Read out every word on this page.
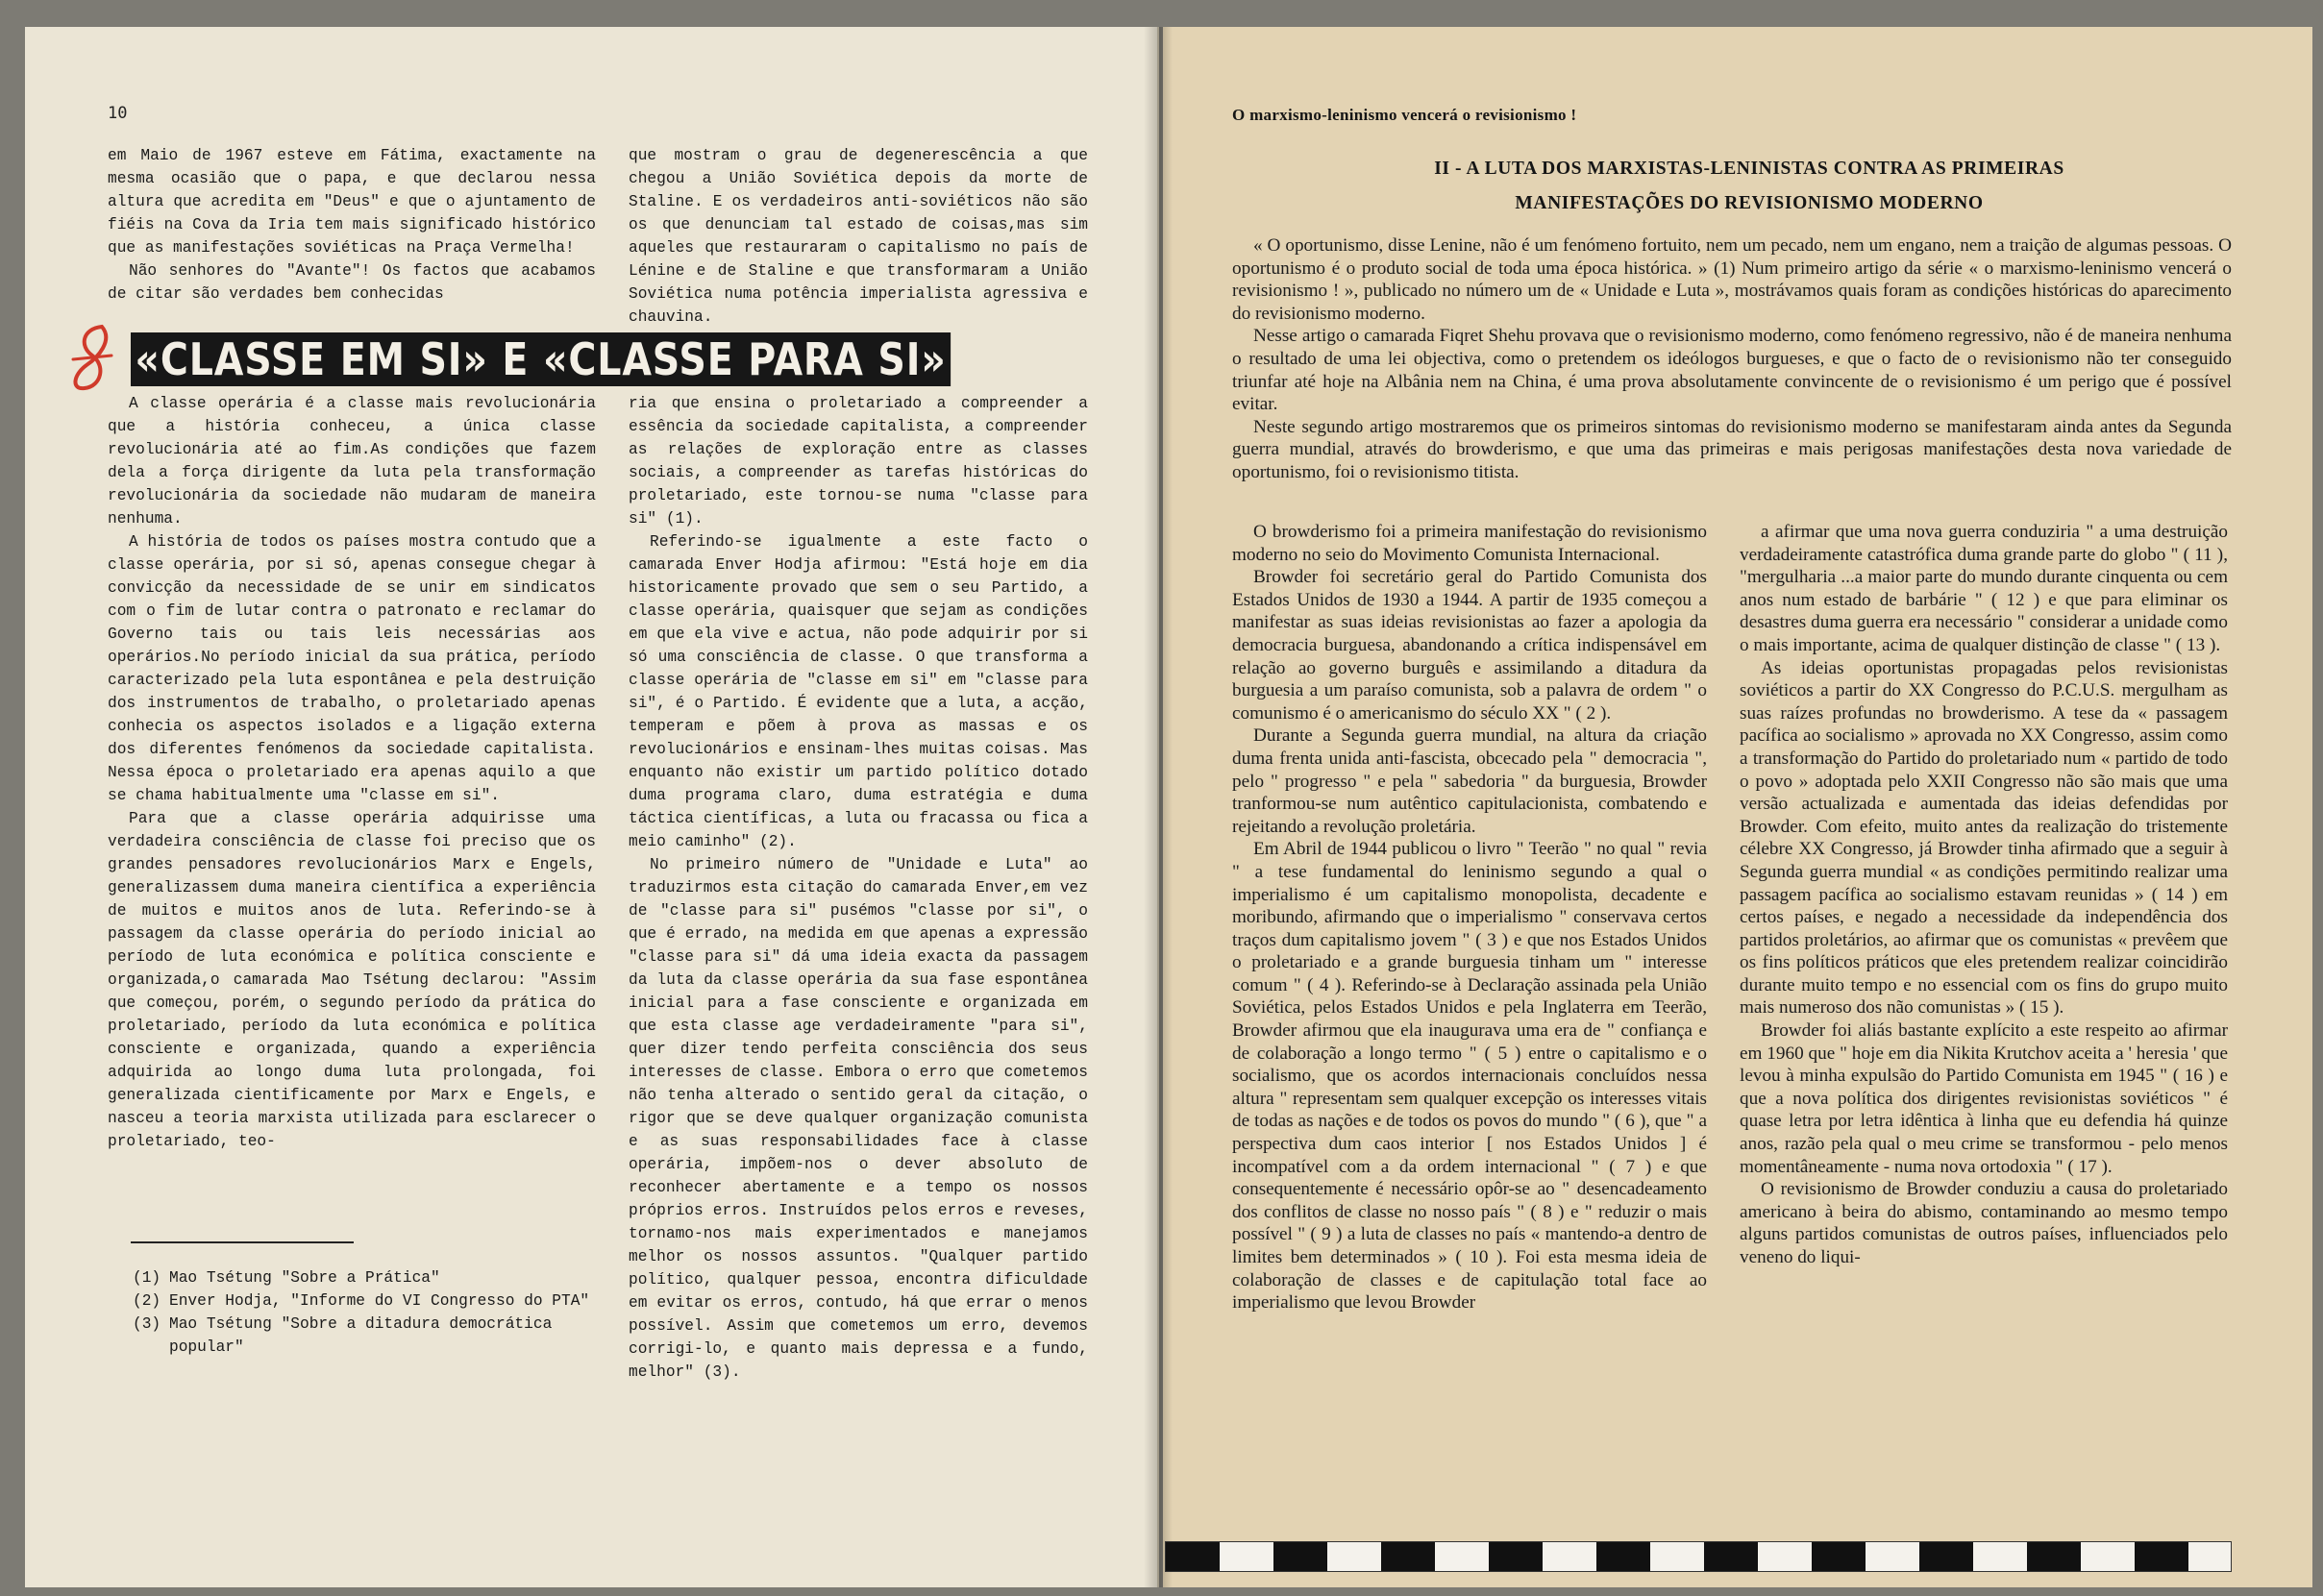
10

em Maio de 1967 esteve em Fátima, exactamente na mesma ocasião que o papa, e que declarou nessa altura que acredita em "Deus" e que o ajuntamento de fiéis na Cova da Iria tem mais significado histórico que as manifestações soviéticas na Praça Vermelha!

Não senhores do "Avante"! Os factos que acabamos de citar são verdades bem conhecidas

que mostram o grau de degenerescência a que chegou a União Soviética depois da morte de Staline. E os verdadeiros anti-soviéticos não são os que denunciam tal estado de coisas,mas sim aqueles que restauraram o capitalismo no país de Lénine e de Staline e que transformaram a União Soviética numa potência imperialista agressiva e chauvina.

«CLASSE EM SI» E «CLASSE PARA SI»

A classe operária é a classe mais revolucionária que a história conheceu, a única classe revolucionária até ao fim.As condições que fazem dela a força dirigente da luta pela transformação revolucionária da sociedade não mudaram de maneira nenhuma.

A história de todos os países mostra contudo que a classe operária, por si só, apenas consegue chegar à convicção da necessidade de se unir em sindicatos com o fim de lutar contra o patronato e reclamar do Governo tais ou tais leis necessárias aos operários.No período inicial da sua prática, período caracterizado pela luta espontânea e pela destruição dos instrumentos de trabalho, o proletariado apenas conhecia os aspectos isolados e a ligação externa dos diferentes fenómenos da sociedade capitalista. Nessa época o proletariado era apenas aquilo a que se chama habitualmente uma "classe em si".

Para que a classe operária adquirisse uma verdadeira consciência de classe foi preciso que os grandes pensadores revolucionários Marx e Engels, generalizassem duma maneira científica a experiência de muitos e muitos anos de luta. Referindo-se à passagem da classe operária do período inicial ao período de luta económica e política consciente e organizada,o camarada Mao Tsétung declarou: "Assim que começou, porém, o segundo período da prática do proletariado, período da luta económica e política consciente e organizada, quando a experiência adquirida ao longo duma luta prolongada, foi generalizada cientificamente por Marx e Engels, e nasceu a teoria marxista utilizada para esclarecer o proletariado, teo-

ria que ensina o proletariado a compreender a essência da sociedade capitalista, a compreender as relações de exploração entre as classes sociais, a compreender as tarefas históricas do proletariado, este tornou-se numa "classe para si" (1).

Referindo-se igualmente a este facto o camarada Enver Hodja afirmou: "Está hoje em dia historicamente provado que sem o seu Partido, a classe operária, quaisquer que sejam as condições em que ela vive e actua, não pode adquirir por si só uma consciência de classe. O que transforma a classe operária de "classe em si" em "classe para si", é o Partido. É evidente que a luta, a acção, temperam e põem à prova as massas e os revolucionários e ensinam-lhes muitas coisas. Mas enquanto não existir um partido político dotado duma programa claro, duma estratégia e duma táctica científicas, a luta ou fracassa ou fica a meio caminho" (2).

No primeiro número de "Unidade e Luta" ao traduzirmos esta citação do camarada Enver,em vez de "classe para si" pusémos "classe por si", o que é errado, na medida em que apenas a expressão "classe para si" dá uma ideia exacta da passagem da luta da classe operária da sua fase espontânea inicial para a fase consciente e organizada em que esta classe age verdadeiramente "para si", quer dizer tendo perfeita consciência dos seus interesses de classe. Embora o erro que cometemos não tenha alterado o sentido geral da citação, o rigor que se deve qualquer organização comunista e as suas responsabilidades face à classe operária, impõem-nos o dever absoluto de reconhecer abertamente e a tempo os nossos próprios erros. Instruídos pelos erros e reveses, tornamo-nos mais experimentados e manejamos melhor os nossos assuntos. "Qualquer partido político, qualquer pessoa, encontra dificuldade em evitar os erros, contudo, há que errar o menos possível. Assim que cometemos um erro, devemos corrigi-lo, e quanto mais depressa e a fundo, melhor" (3).

(1) Mao Tsétung "Sobre a Prática"
(2) Enver Hodja, "Informe do VI Congresso do PTA"
(3) Mao Tsétung "Sobre a ditadura democrática popular"
O marxismo-leninismo vencerá o revisionismo !
II - A LUTA DOS MARXISTAS-LENINISTAS CONTRA AS PRIMEIRAS
MANIFESTAÇÕES DO REVISIONISMO MODERNO

« O oportunismo, disse Lenine, não é um fenómeno fortuito, nem um pecado, nem um engano, nem a traição de algumas pessoas. O oportunismo é o produto social de toda uma época histórica. » (1) Num primeiro artigo da série « o marxismo-leninismo vencerá o revisionismo ! », publicado no número um de « Unidade e Luta », mostrávamos quais foram as condições históricas do aparecimento do revisionismo moderno.

Nesse artigo o camarada Fiqret Shehu provava que o revisionismo moderno, como fenómeno regressivo, não é de maneira nenhuma o resultado de uma lei objectiva, como o pretendem os ideólogos burgueses, e que o facto de o revisionismo não ter conseguido triunfar até hoje na Albânia nem na China, é uma prova absolutamente convincente de o revisionismo é um perigo que é possível evitar.

Neste segundo artigo mostraremos que os primeiros sintomas do revisionismo moderno se manifestaram ainda antes da Segunda guerra mundial, através do browderismo, e que uma das primeiras e mais perigosas manifestações desta nova variedade de oportunismo, foi o revisionismo titista.

O browderismo foi a primeira manifestação do revisionismo moderno no seio do Movimento Comunista Internacional.

Browder foi secretário geral do Partido Comunista dos Estados Unidos de 1930 a 1944. A partir de 1935 começou a manifestar as suas ideias revisionistas ao fazer a apologia da democracia burguesa, abandonando a crítica indispensável em relação ao governo burguês e assimilando a ditadura da burguesia a um paraíso comunista, sob a palavra de ordem " o comunismo é o americanismo do século XX " ( 2 ).

Durante a Segunda guerra mundial, na altura da criação duma frenta unida anti-fascista, obcecado pela " democracia ", pelo " progresso " e pela " sabedoria " da burguesia, Browder tranformou-se num autêntico capitulacionista, combatendo e rejeitando a revolução proletária.

Em Abril de 1944 publicou o livro " Teerão " no qual " revia " a tese fundamental do leninismo segundo a qual o imperialismo é um capitalismo monopolista, decadente e moribundo, afirmando que o imperialismo " conservava certos traços dum capitalismo jovem " ( 3 ) e que nos Estados Unidos o proletariado e a grande burguesia tinham um " interesse comum " ( 4 ). Referindo-se à Declaração assinada pela União Soviética, pelos Estados Unidos e pela Inglaterra em Teerão, Browder afirmou que ela inaugurava uma era de " confiança e de colaboração a longo termo " ( 5 ) entre o capitalismo e o socialismo, que os acordos internacionais concluídos nessa altura " representam sem qualquer excepção os interesses vitais de todas as nações e de todos os povos do mundo " ( 6 ), que " a perspectiva dum caos interior [ nos Estados Unidos ] é incompatível com a da ordem internacional " ( 7 ) e que consequentemente é necessário opôr-se ao " desencadeamento dos conflitos de classe no nosso país " ( 8 ) e " reduzir o mais possível " ( 9 ) a luta de classes no país « mantendo-a dentro de limites bem determinados » ( 10 ). Foi esta mesma ideia de colaboração de classes e de capitulação total face ao imperialismo que levou Browder

a afirmar que uma nova guerra conduziria " a uma destruição verdadeiramente catastrófica duma grande parte do globo " ( 11 ), "mergulharia ...a maior parte do mundo durante cinquenta ou cem anos num estado de barbárie " ( 12 ) e que para eliminar os desastres duma guerra era necessário " considerar a unidade como o mais importante, acima de qualquer distinção de classe " ( 13 ).

As ideias oportunistas propagadas pelos revisionistas soviéticos a partir do XX Congresso do P.C.U.S. mergulham as suas raízes profundas no browderismo. A tese da « passagem pacífica ao socialismo » aprovada no XX Congresso, assim como a transformação do Partido do proletariado num « partido de todo o povo » adoptada pelo XXII Congresso não são mais que uma versão actualizada e aumentada das ideias defendidas por Browder. Com efeito, muito antes da realização do tristemente célebre XX Congresso, já Browder tinha afirmado que a seguir à Segunda guerra mundial « as condições permitindo realizar uma passagem pacífica ao socialismo estavam reunidas » ( 14 ) em certos países, e negado a necessidade da independência dos partidos proletários, ao afirmar que os comunistas « prevêem que os fins políticos práticos que eles pretendem realizar coincidirão durante muito tempo e no essencial com os fins do grupo muito mais numeroso dos não comunistas » ( 15 ).

Browder foi aliás bastante explícito a este respeito ao afirmar em 1960 que " hoje em dia Nikita Krutchov aceita a ' heresia ' que levou à minha expulsão do Partido Comunista em 1945 " ( 16 ) e que a nova política dos dirigentes revisionistas soviéticos " é quase letra por letra idêntica à linha que eu defendia há quinze anos, razão pela qual o meu crime se transformou - pelo menos momentâneamente - numa nova ortodoxia " ( 17 ).

O revisionismo de Browder conduziu a causa do proletariado americano à beira do abismo, contaminando ao mesmo tempo alguns partidos comunistas de outros países, influenciados pelo veneno do liqui-
